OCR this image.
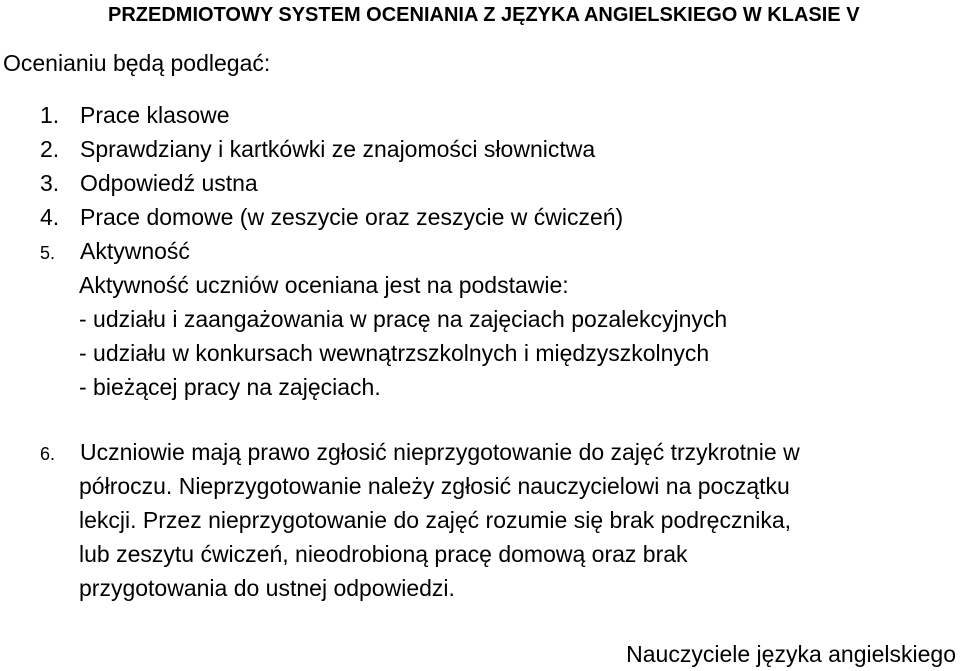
PRZEDMIOTOWY SYSTEM OCENIANIA Z JĘZYKA ANGIELSKIEGO W KLASIE V
Ocenianiu będą podlegać:
1. Prace klasowe
2. Sprawdziany i kartkówki ze znajomości słownictwa
3. Odpowiedź ustna
4. Prace domowe (w zeszycie oraz zeszycie w ćwiczeń)
5. Aktywność
Aktywność uczniów oceniana jest na podstawie:
- udziału i zaangażowania w pracę na zajęciach pozalekcyjnych
- udziału w konkursach wewnątrzszkolnych i międzyszkolnych
- bieżącej pracy na zajęciach.
6. Uczniowie mają prawo zgłosić nieprzygotowanie do zajęć trzykrotnie w
półroczu. Nieprzygotowanie należy zgłosić nauczycielowi na początku
lekcji. Przez nieprzygotowanie do zajęć rozumie się brak podręcznika,
lub zeszytu ćwiczeń, nieodrobioną pracę domową oraz brak
przygotowania do ustnej odpowiedzi.
Nauczyciele języka angielskiego
